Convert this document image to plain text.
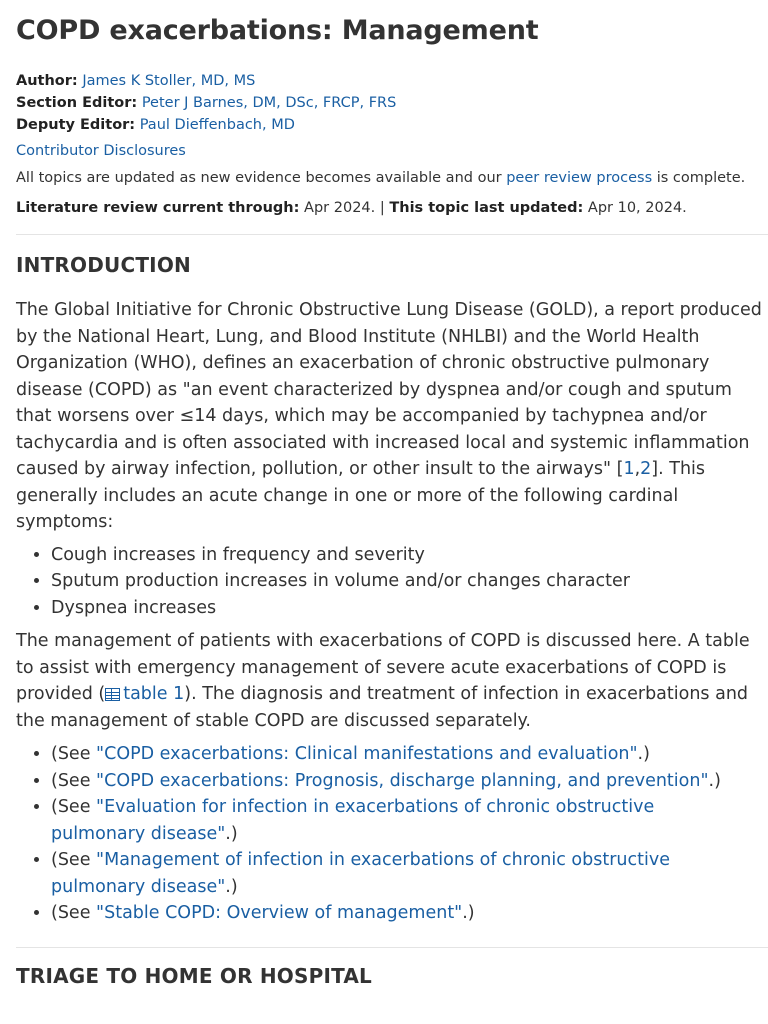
COPD exacerbations: Management
Author: James K Stoller, MD, MS
Section Editor: Peter J Barnes, DM, DSc, FRCP, FRS
Deputy Editor: Paul Dieffenbach, MD
Contributor Disclosures
All topics are updated as new evidence becomes available and our peer review process is complete.
Literature review current through: Apr 2024. | This topic last updated: Apr 10, 2024.
INTRODUCTION

The Global Initiative for Chronic Obstructive Lung Disease (GOLD), a report produced by the National Heart, Lung, and Blood Institute (NHLBI) and the World Health Organization (WHO), defines an exacerbation of chronic obstructive pulmonary disease (COPD) as "an event characterized by dyspnea and/or cough and sputum that worsens over ≤14 days, which may be accompanied by tachypnea and/or tachycardia and is often associated with increased local and systemic inflammation caused by airway infection, pollution, or other insult to the airways" [1,2]. This generally includes an acute change in one or more of the following cardinal symptoms:

• Cough increases in frequency and severity
• Sputum production increases in volume and/or changes character
• Dyspnea increases

The management of patients with exacerbations of COPD is discussed here. A table to assist with emergency management of severe acute exacerbations of COPD is provided ( table 1). The diagnosis and treatment of infection in exacerbations and the management of stable COPD are discussed separately.

• (See "COPD exacerbations: Clinical manifestations and evaluation".)
• (See "COPD exacerbations: Prognosis, discharge planning, and prevention".)
• (See "Evaluation for infection in exacerbations of chronic obstructive pulmonary disease".)
• (See "Management of infection in exacerbations of chronic obstructive pulmonary disease".)
• (See "Stable COPD: Overview of management".)
TRIAGE TO HOME OR HOSPITAL
